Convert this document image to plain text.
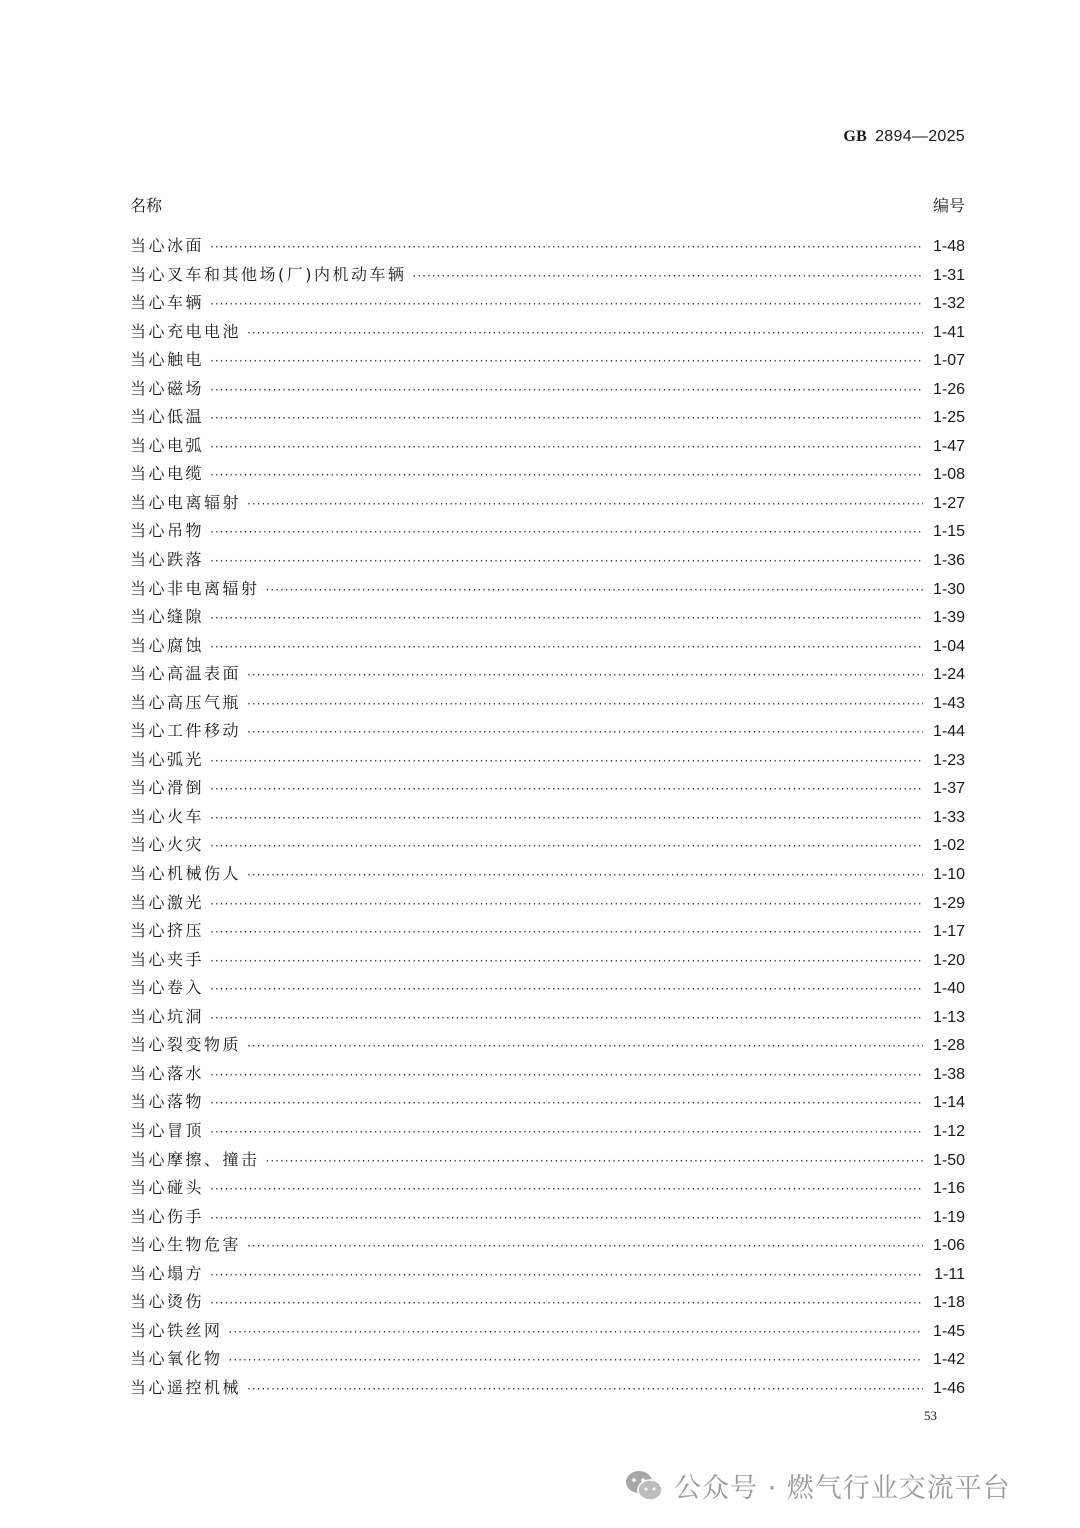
GB 2894—2025
名称	编号
当心冰面 ·····	1-48
当心叉车和其他场(厂)内机动车辆 ·····	1-31
当心车辆 ·····	1-32
当心充电电池 ·····	1-41
当心触电 ·····	1-07
当心磁场 ·····	1-26
当心低温 ·····	1-25
当心电弧 ·····	1-47
当心电缆 ·····	1-08
当心电离辐射 ·····	1-27
当心吊物 ·····	1-15
当心跌落 ·····	1-36
当心非电离辐射 ·····	1-30
当心缝隙 ·····	1-39
当心腐蚀 ·····	1-04
当心高温表面 ·····	1-24
当心高压气瓶 ·····	1-43
当心工件移动 ·····	1-44
当心弧光 ·····	1-23
当心滑倒 ·····	1-37
当心火车 ·····	1-33
当心火灾 ·····	1-02
当心机械伤人 ·····	1-10
当心激光 ·····	1-29
当心挤压 ·····	1-17
当心夹手 ·····	1-20
当心卷入 ·····	1-40
当心坑洞 ·····	1-13
当心裂变物质 ·····	1-28
当心落水 ·····	1-38
当心落物 ·····	1-14
当心冒顶 ·····	1-12
当心摩擦、撞击 ·····	1-50
当心碰头 ·····	1-16
当心伤手 ·····	1-19
当心生物危害 ·····	1-06
当心塌方 ·····	1-11
当心烫伤 ·····	1-18
当心铁丝网 ·····	1-45
当心氧化物 ·····	1-42
当心遥控机械 ·····	1-46
53
公众号 · 燃气行业交流平台
